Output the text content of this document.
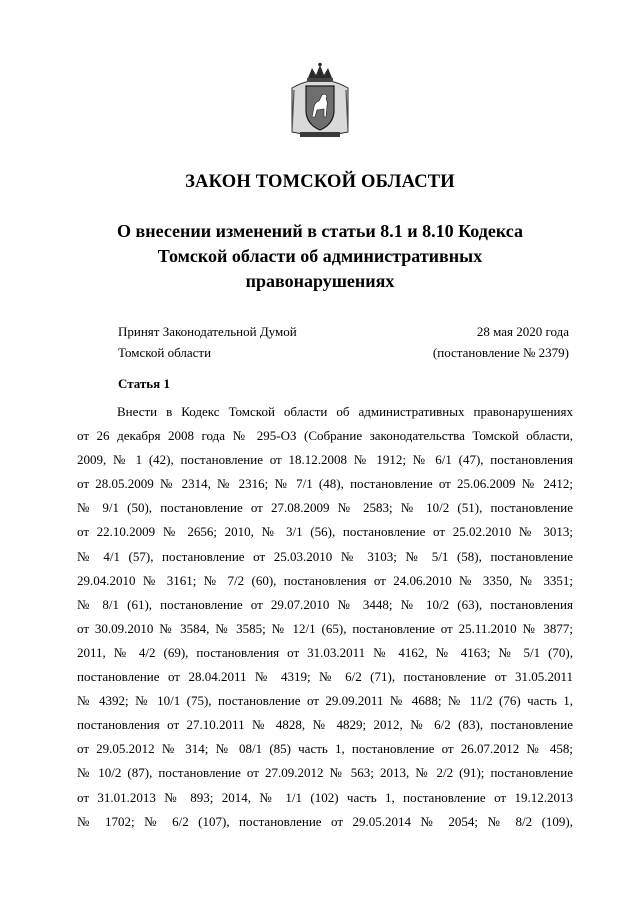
ЗАКОН ТОМСКОЙ ОБЛАСТИ
О внесении изменений в статьи 8.1 и 8.10 Кодекса
Томской области об административных
правонарушениях
Принят Законодательной Думой
Томской области
28 мая 2020 года
(постановление № 2379)
Статья 1
Внести в Кодекс Томской области об административных правонарушениях
от 26 декабря 2008 года № 295-ОЗ (Собрание законодательства Томской области,
2009, № 1 (42), постановление от 18.12.2008 № 1912; № 6/1 (47), постановления
от 28.05.2009 № 2314, № 2316; № 7/1 (48), постановление от 25.06.2009 № 2412;
№ 9/1 (50), постановление от 27.08.2009 № 2583; № 10/2 (51), постановление
от 22.10.2009 № 2656; 2010, № 3/1 (56), постановление от 25.02.2010 № 3013;
№ 4/1 (57), постановление от 25.03.2010 № 3103; № 5/1 (58), постановление
29.04.2010 № 3161; № 7/2 (60), постановления от 24.06.2010 № 3350, № 3351;
№ 8/1 (61), постановление от 29.07.2010 № 3448; № 10/2 (63), постановления
от 30.09.2010 № 3584, № 3585; № 12/1 (65), постановление от 25.11.2010 № 3877;
2011, № 4/2 (69), постановления от 31.03.2011 № 4162, № 4163; № 5/1 (70),
постановление от 28.04.2011 № 4319; № 6/2 (71), постановление от 31.05.2011
№ 4392; № 10/1 (75), постановление от 29.09.2011 № 4688; № 11/2 (76) часть 1,
постановления от 27.10.2011 № 4828, № 4829; 2012, № 6/2 (83), постановление
от 29.05.2012 № 314; № 08/1 (85) часть 1, постановление от 26.07.2012 № 458;
№ 10/2 (87), постановление от 27.09.2012 № 563; 2013, № 2/2 (91); постановление
от 31.01.2013 № 893; 2014, № 1/1 (102) часть 1, постановление от 19.12.2013
№ 1702; № 6/2 (107), постановление от 29.05.2014 № 2054; № 8/2 (109),
